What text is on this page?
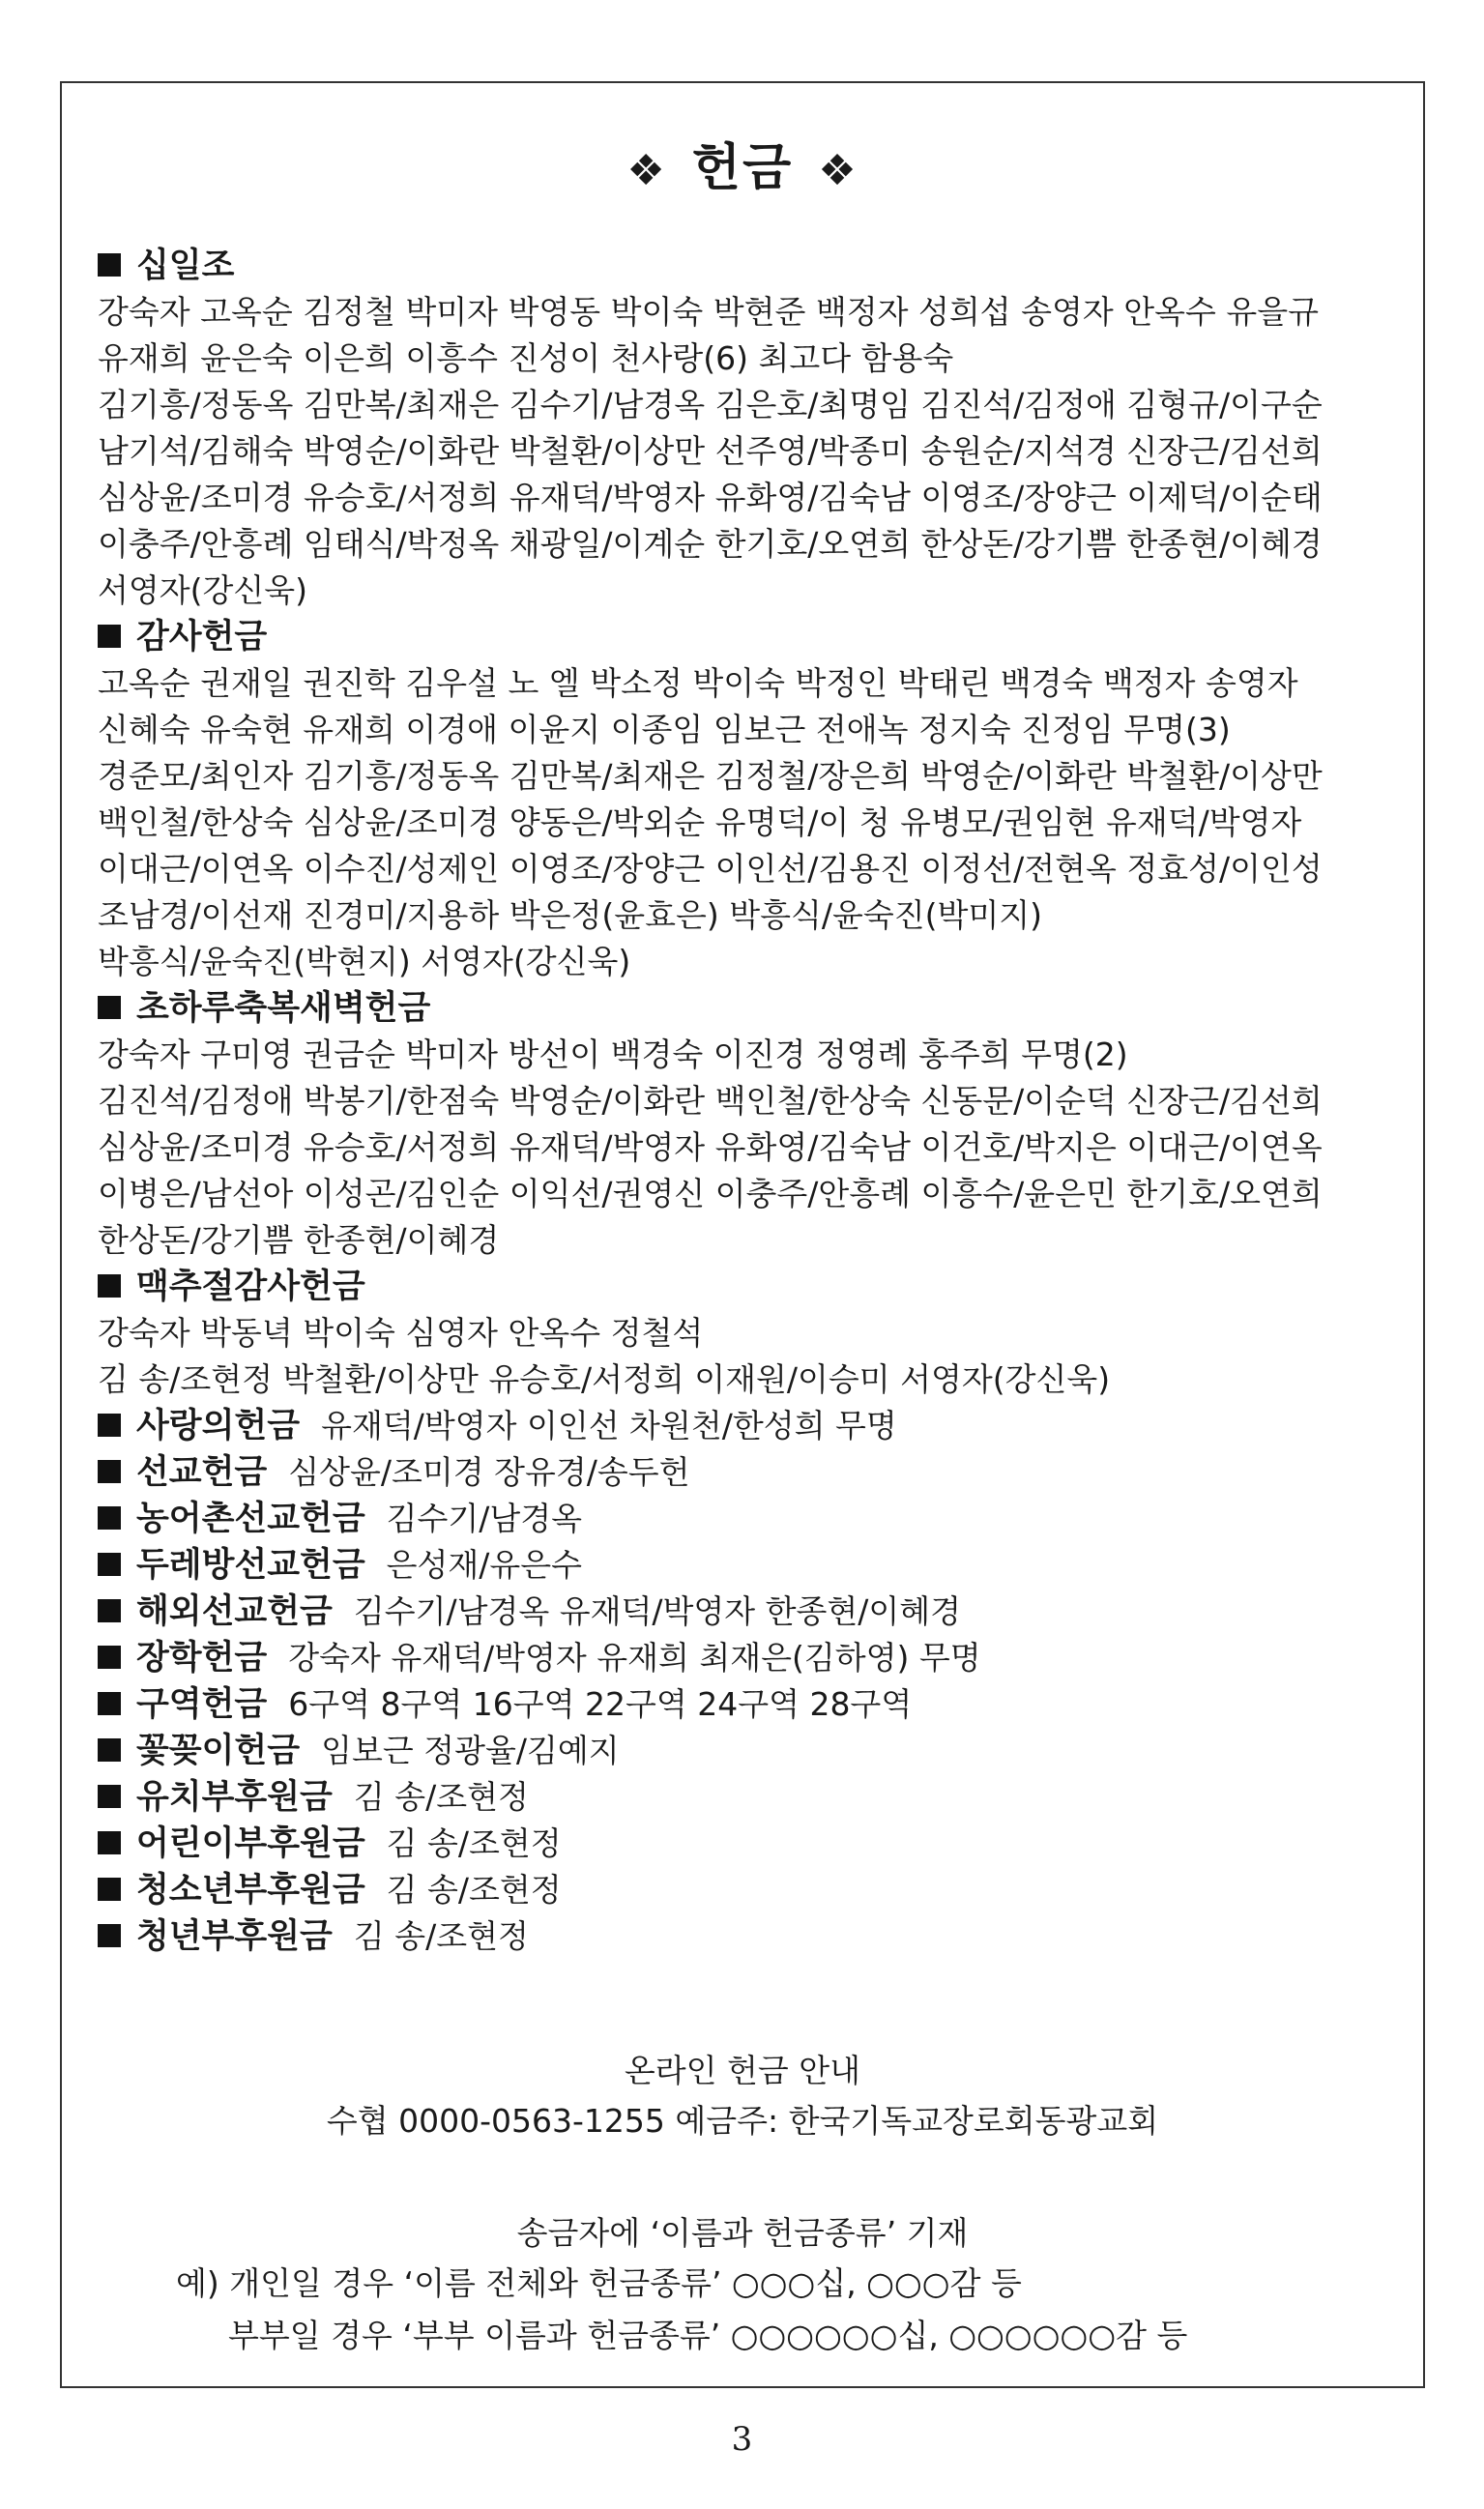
❖ 헌금 ❖
십일조
강숙자 고옥순 김정철 박미자 박영동 박이숙 박현준 백정자 성희섭 송영자 안옥수 유을규
유재희 윤은숙 이은희 이흥수 진성이 천사랑(6) 최고다 함용숙
김기흥/정동옥 김만복/최재은 김수기/남경옥 김은호/최명임 김진석/김정애 김형규/이구순
남기석/김해숙 박영순/이화란 박철환/이상만 선주영/박종미 송원순/지석경 신장근/김선희
심상윤/조미경 유승호/서정희 유재덕/박영자 유화영/김숙남 이영조/장양근 이제덕/이순태
이충주/안흥례 임태식/박정옥 채광일/이계순 한기호/오연희 한상돈/강기쁨 한종현/이혜경
서영자(강신욱)
감사헌금
고옥순 권재일 권진학 김우설 노 엘 박소정 박이숙 박정인 박태린 백경숙 백정자 송영자
신혜숙 유숙현 유재희 이경애 이윤지 이종임 임보근 전애녹 정지숙 진정임 무명(3)
경준모/최인자 김기흥/정동옥 김만복/최재은 김정철/장은희 박영순/이화란 박철환/이상만
백인철/한상숙 심상윤/조미경 양동은/박외순 유명덕/이 청 유병모/권임현 유재덕/박영자
이대근/이연옥 이수진/성제인 이영조/장양근 이인선/김용진 이정선/전현옥 정효성/이인성
조남경/이선재 진경미/지용하 박은정(윤효은) 박흥식/윤숙진(박미지)
박흥식/윤숙진(박현지) 서영자(강신욱)
초하루축복새벽헌금
강숙자 구미영 권금순 박미자 방선이 백경숙 이진경 정영례 홍주희 무명(2)
김진석/김정애 박봉기/한점숙 박영순/이화란 백인철/한상숙 신동문/이순덕 신장근/김선희
심상윤/조미경 유승호/서정희 유재덕/박영자 유화영/김숙남 이건호/박지은 이대근/이연옥
이병은/남선아 이성곤/김인순 이익선/권영신 이충주/안흥례 이흥수/윤은민 한기호/오연희
한상돈/강기쁨 한종현/이혜경
맥추절감사헌금
강숙자 박동녁 박이숙 심영자 안옥수 정철석
김 송/조현정 박철환/이상만 유승호/서정희 이재원/이승미 서영자(강신욱)
사랑의헌금 유재덕/박영자 이인선 차원천/한성희 무명
선교헌금 심상윤/조미경 장유경/송두헌
농어촌선교헌금 김수기/남경옥
두레방선교헌금 은성재/유은수
해외선교헌금 김수기/남경옥 유재덕/박영자 한종현/이혜경
장학헌금 강숙자 유재덕/박영자 유재희 최재은(김하영) 무명
구역헌금 6구역 8구역 16구역 22구역 24구역 28구역
꽃꽂이헌금 임보근 정광율/김예지
유치부후원금 김 송/조현정
어린이부후원금 김 송/조현정
청소년부후원금 김 송/조현정
청년부후원금 김 송/조현정
온라인 헌금 안내
수협 0000-0563-1255 예금주: 한국기독교장로회동광교회
송금자에 ‘이름과 헌금종류’ 기재
예) 개인일 경우 ‘이름 전체와 헌금종류’ ○○○십, ○○○감 등
부부일 경우 ‘부부 이름과 헌금종류’ ○○○○○○십, ○○○○○○감 등
3
